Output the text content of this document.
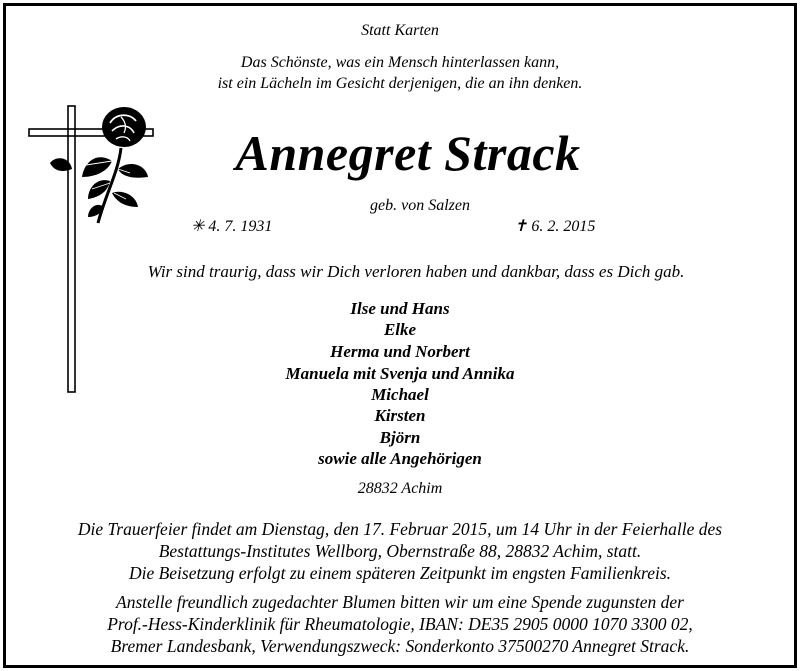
Statt Karten
Das Schönste, was ein Mensch hinterlassen kann,
ist ein Lächeln im Gesicht derjenigen, die an ihn denken.
Annegret Strack
geb. von Salzen
✳ 4. 7. 1931	✝ 6. 2. 2015
Wir sind traurig, dass wir Dich verloren haben und dankbar, dass es Dich gab.
Ilse und Hans
Elke
Herma und Norbert
Manuela mit Svenja und Annika
Michael
Kirsten
Björn
sowie alle Angehörigen
28832 Achim
Die Trauerfeier findet am Dienstag, den 17. Februar 2015, um 14 Uhr in der Feierhalle des
Bestattungs-Institutes Wellborg, Obernstraße 88, 28832 Achim, statt.
Die Beisetzung erfolgt zu einem späteren Zeitpunkt im engsten Familienkreis.
Anstelle freundlich zugedachter Blumen bitten wir um eine Spende zugunsten der
Prof.-Hess-Kinderklinik für Rheumatologie, IBAN: DE35 2905 0000 1070 3300 02,
Bremer Landesbank, Verwendungszweck: Sonderkonto 37500270 Annegret Strack.
